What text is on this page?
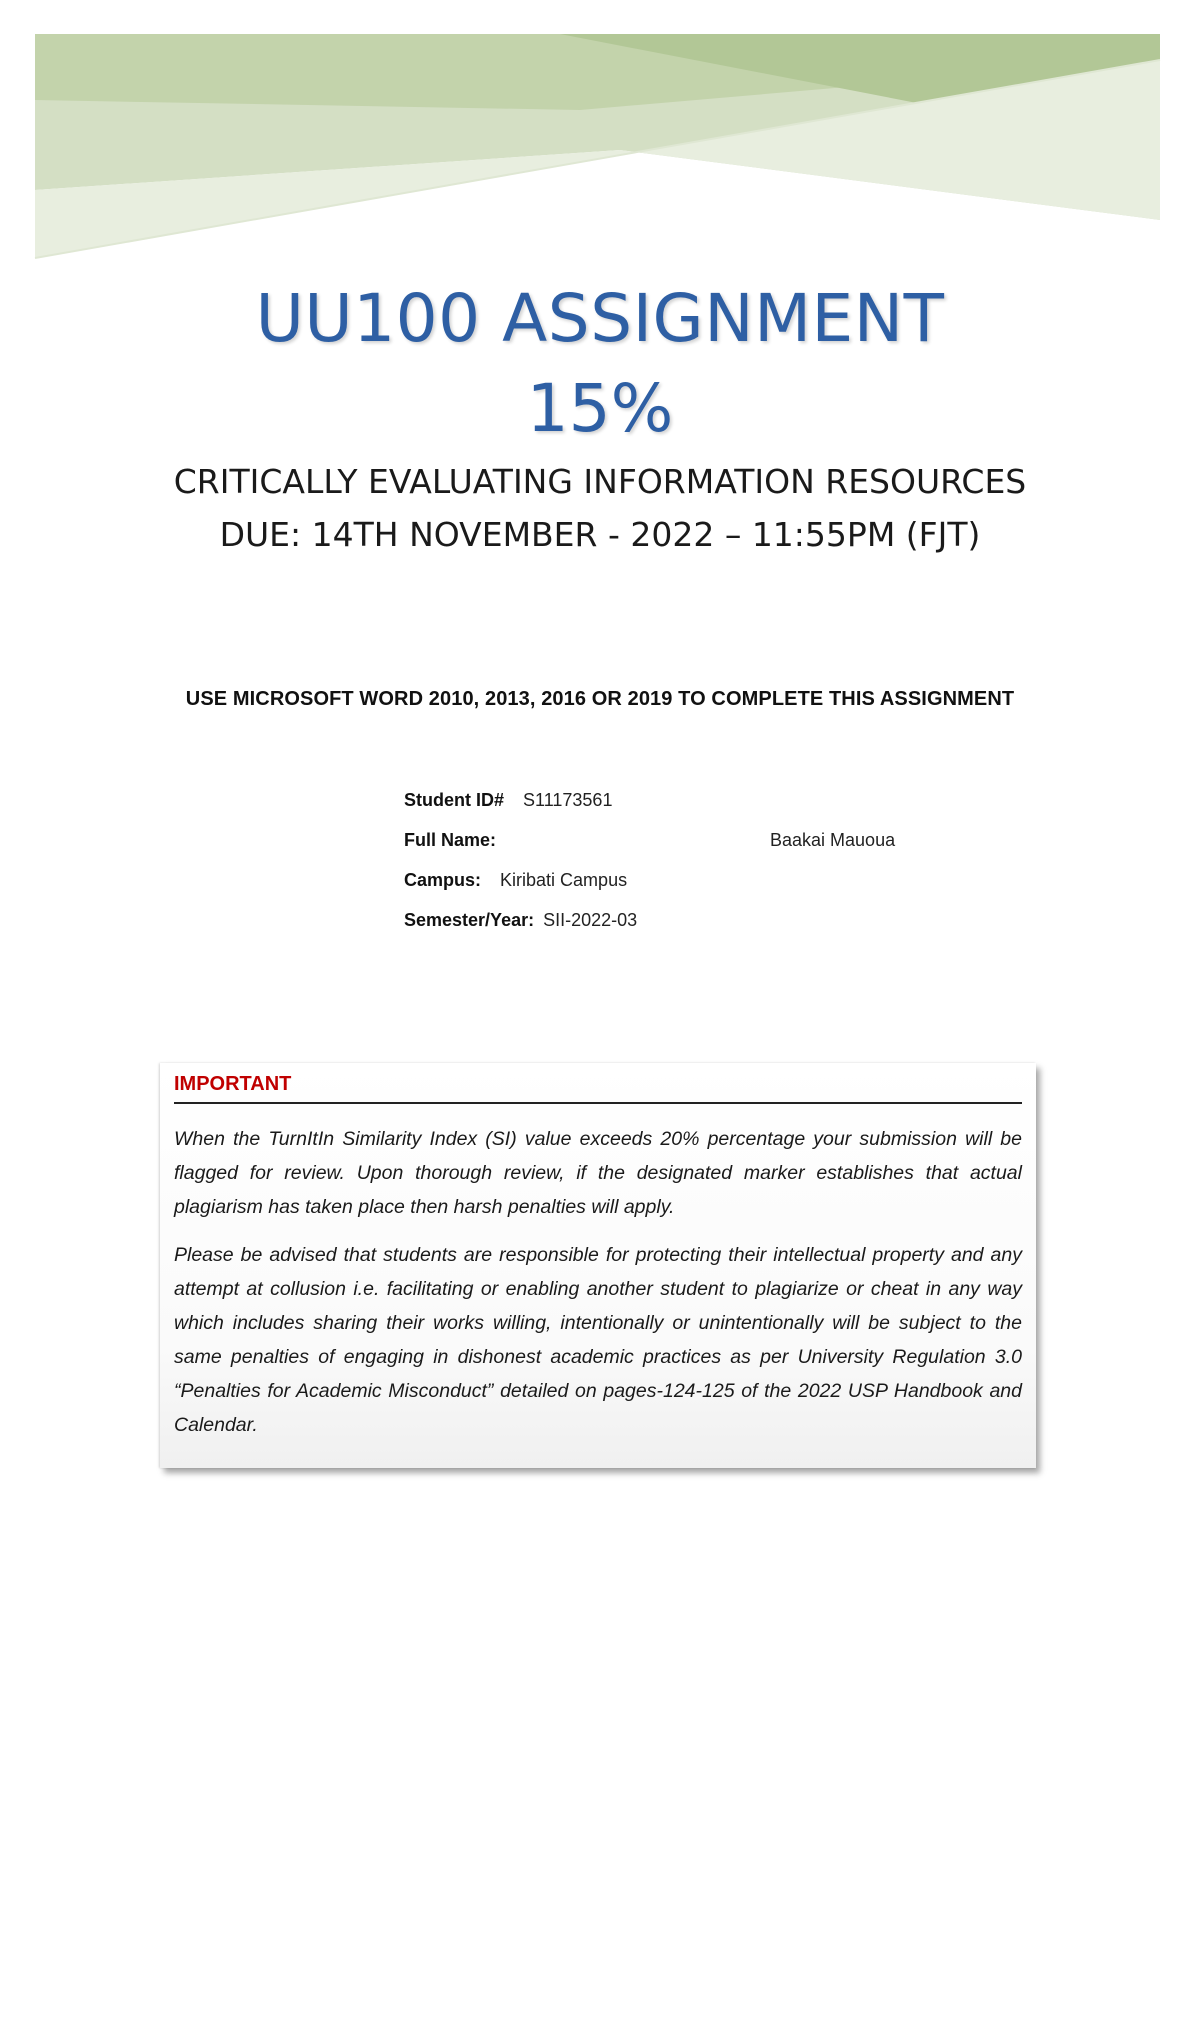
UU100 ASSIGNMENT
15%
CRITICALLY EVALUATING INFORMATION RESOURCES
DUE: 14TH NOVEMBER - 2022 – 11:55PM (FJT)
USE MICROSOFT WORD 2010, 2013, 2016 OR 2019 TO COMPLETE THIS ASSIGNMENT
Student ID# S11173561
Full Name:	Baakai Mauoua
Campus: Kiribati Campus
Semester/Year: SII-2022-03
IMPORTANT

When the TurnItIn Similarity Index (SI) value exceeds 20% percentage your submission will be flagged for review. Upon thorough review, if the designated marker establishes that actual plagiarism has taken place then harsh penalties will apply.

Please be advised that students are responsible for protecting their intellectual property and any attempt at collusion i.e. facilitating or enabling another student to plagiarize or cheat in any way which includes sharing their works willing, intentionally or unintentionally will be subject to the same penalties of engaging in dishonest academic practices as per University Regulation 3.0 “Penalties for Academic Misconduct” detailed on pages-124-125 of the 2022 USP Handbook and Calendar.
